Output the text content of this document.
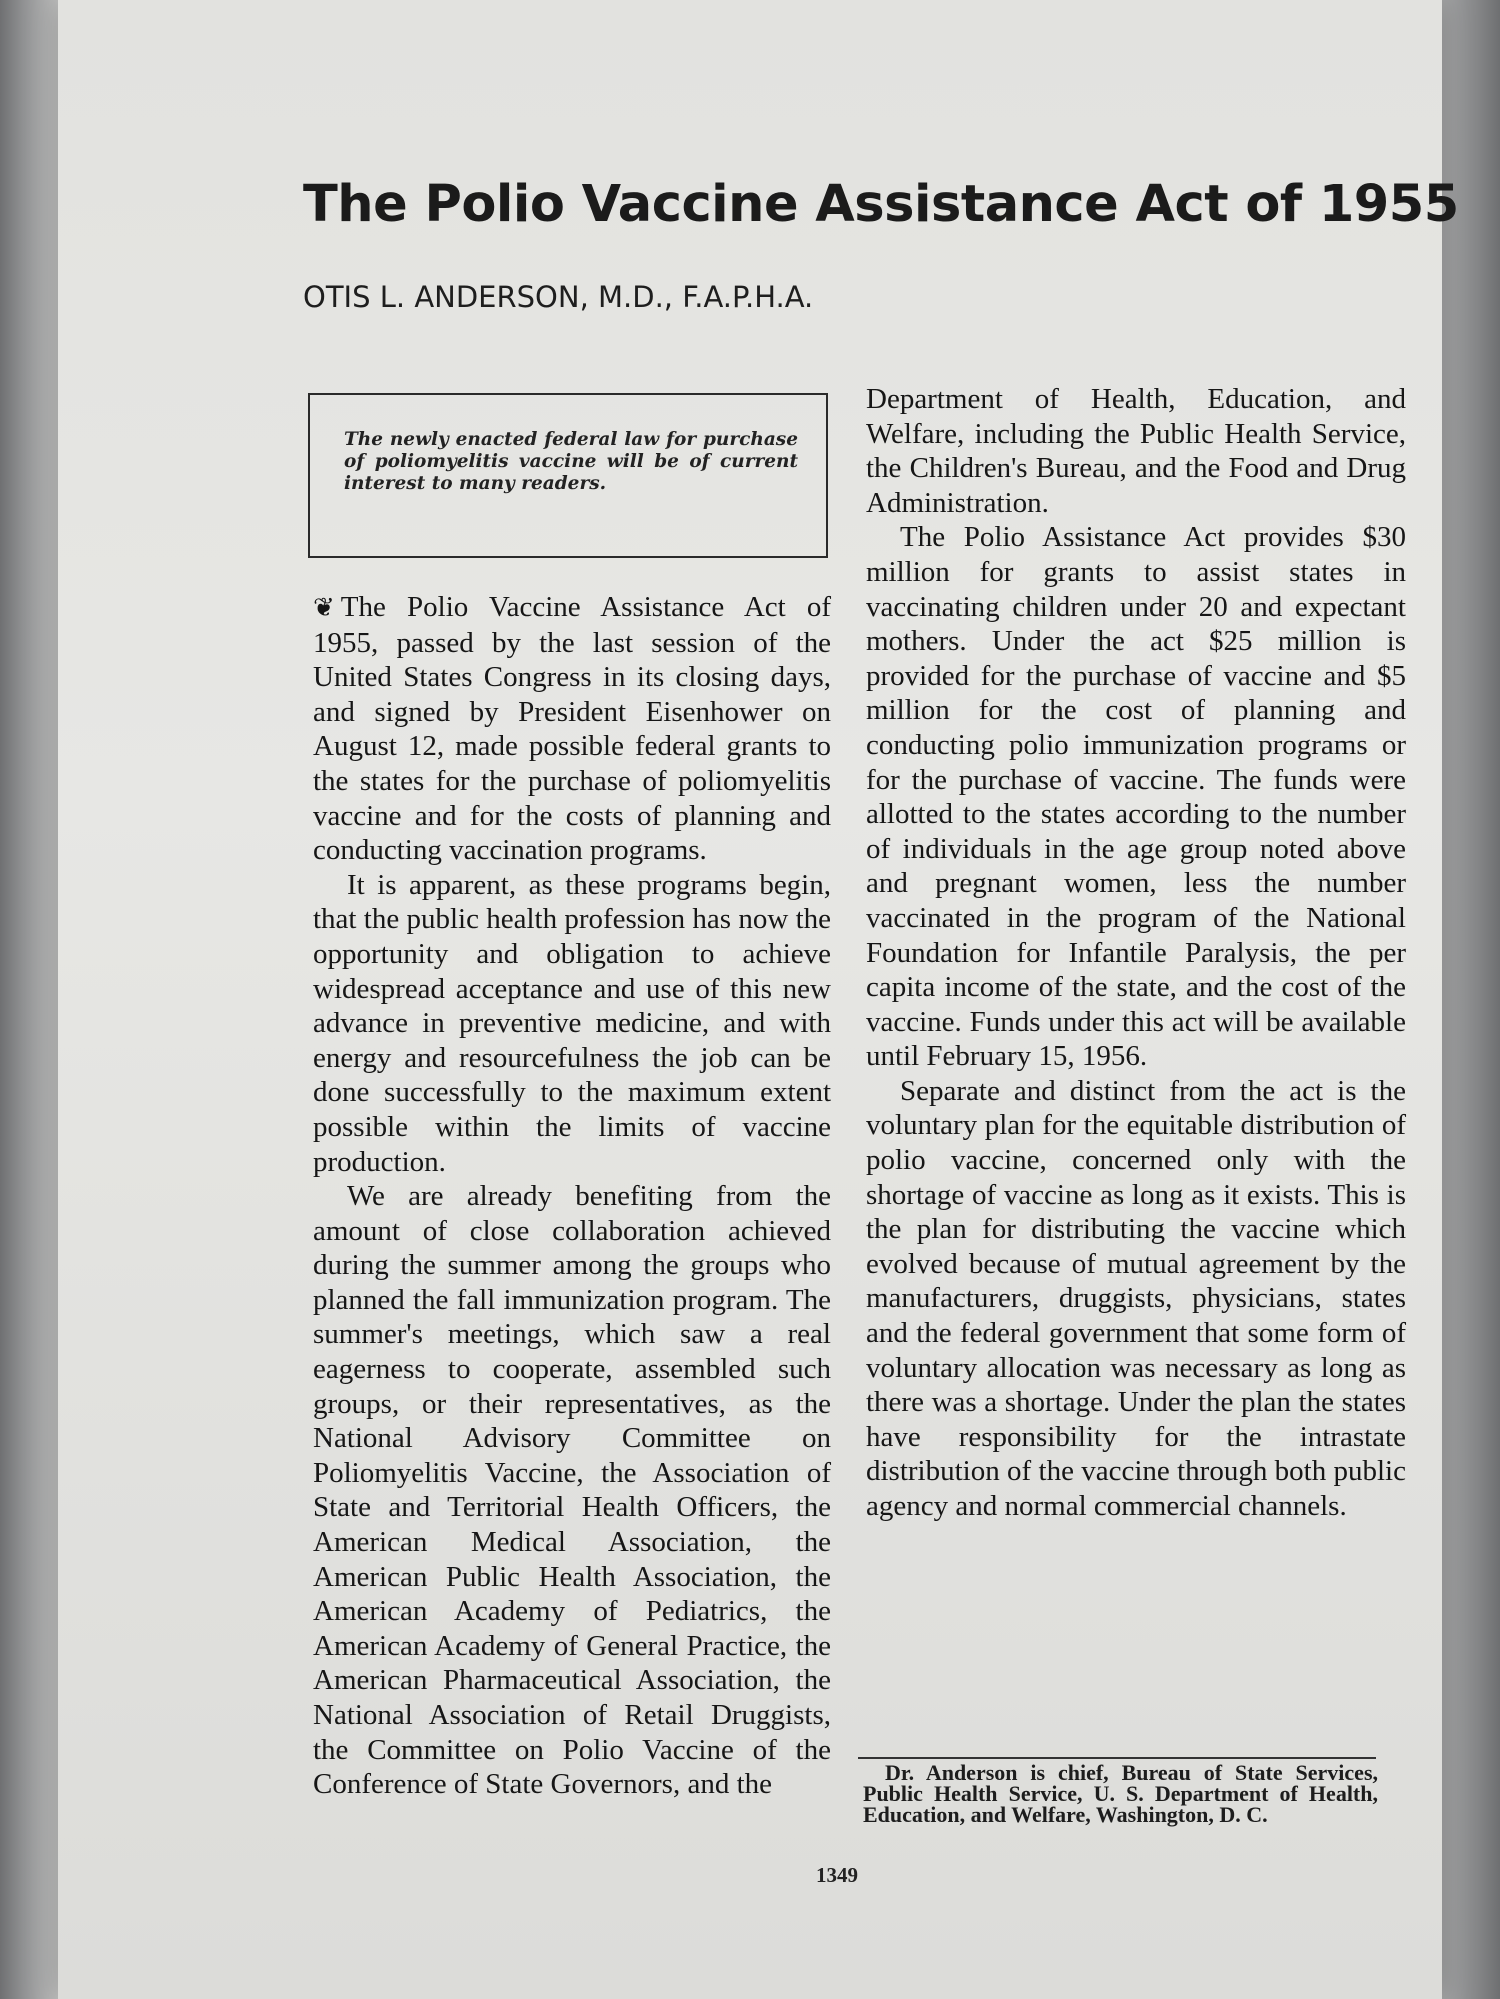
The Polio Vaccine Assistance Act of 1955

OTIS L. ANDERSON, M.D., F.A.P.H.A.

The newly enacted federal law for purchase of poliomyelitis vaccine will be of current interest to many readers.

❦ The Polio Vaccine Assistance Act of 1955, passed by the last session of the United States Congress in its closing days, and signed by President Eisenhower on August 12, made possible federal grants to the states for the purchase of poliomyelitis vaccine and for the costs of planning and conducting vaccination programs.

It is apparent, as these programs begin, that the public health profession has now the opportunity and obligation to achieve widespread acceptance and use of this new advance in preventive medicine, and with energy and resourcefulness the job can be done successfully to the maximum extent possible within the limits of vaccine production.

We are already benefiting from the amount of close collaboration achieved during the summer among the groups who planned the fall immunization program. The summer's meetings, which saw a real eagerness to cooperate, assembled such groups, or their representatives, as the National Advisory Committee on Poliomyelitis Vaccine, the Association of State and Territorial Health Officers, the American Medical Association, the American Public Health Association, the American Academy of Pediatrics, the American Academy of General Practice, the American Pharmaceutical Association, the National Association of Retail Druggists, the Committee on Polio Vaccine of the Conference of State Governors, and the

Department of Health, Education, and Welfare, including the Public Health Service, the Children's Bureau, and the Food and Drug Administration.

The Polio Assistance Act provides $30 million for grants to assist states in vaccinating children under 20 and expectant mothers. Under the act $25 million is provided for the purchase of vaccine and $5 million for the cost of planning and conducting polio immunization programs or for the purchase of vaccine. The funds were allotted to the states according to the number of individuals in the age group noted above and pregnant women, less the number vaccinated in the program of the National Foundation for Infantile Paralysis, the per capita income of the state, and the cost of the vaccine. Funds under this act will be available until February 15, 1956.

Separate and distinct from the act is the voluntary plan for the equitable distribution of polio vaccine, concerned only with the shortage of vaccine as long as it exists. This is the plan for distributing the vaccine which evolved because of mutual agreement by the manufacturers, druggists, physicians, states and the federal government that some form of voluntary allocation was necessary as long as there was a shortage. Under the plan the states have responsibility for the intrastate distribution of the vaccine through both public agency and normal commercial channels.

Dr. Anderson is chief, Bureau of State Services, Public Health Service, U. S. Department of Health, Education, and Welfare, Washington, D. C.

1349
